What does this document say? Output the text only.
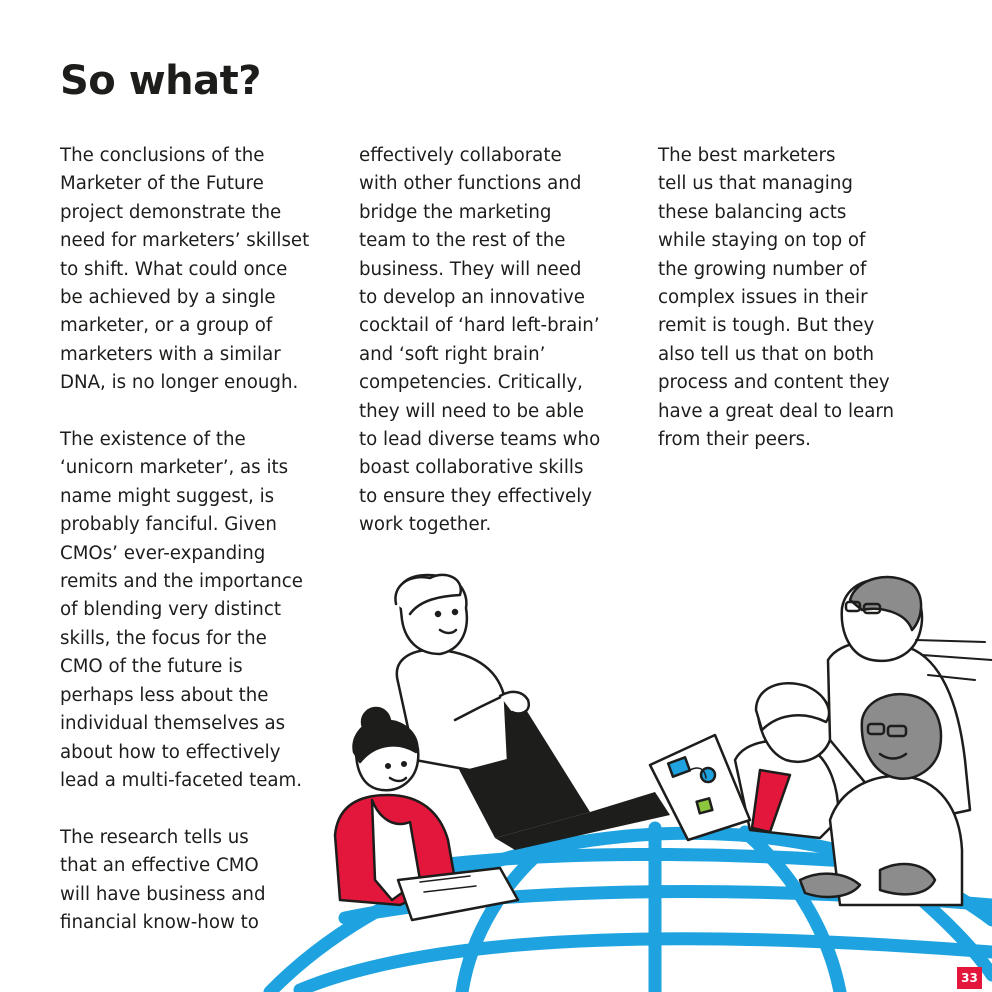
So what?

The conclusions of the
Marketer of the Future
project demonstrate the
need for marketers’ skillset
to shift. What could once
be achieved by a single
marketer, or a group of
marketers with a similar
DNA, is no longer enough.

The existence of the
‘unicorn marketer’, as its
name might suggest, is
probably fanciful. Given
CMOs’ ever-expanding
remits and the importance
of blending very distinct
skills, the focus for the
CMO of the future is
perhaps less about the
individual themselves as
about how to effectively
lead a multi-faceted team.

The research tells us
that an effective CMO
will have business and
financial know-how to

effectively collaborate
with other functions and
bridge the marketing
team to the rest of the
business. They will need
to develop an innovative
cocktail of ‘hard left-brain’
and ‘soft right brain’
competencies. Critically,
they will need to be able
to lead diverse teams who
boast collaborative skills
to ensure they effectively
work together.

The best marketers
tell us that managing
these balancing acts
while staying on top of
the growing number of
complex issues in their
remit is tough. But they
also tell us that on both
process and content they
have a great deal to learn
from their peers.

33
